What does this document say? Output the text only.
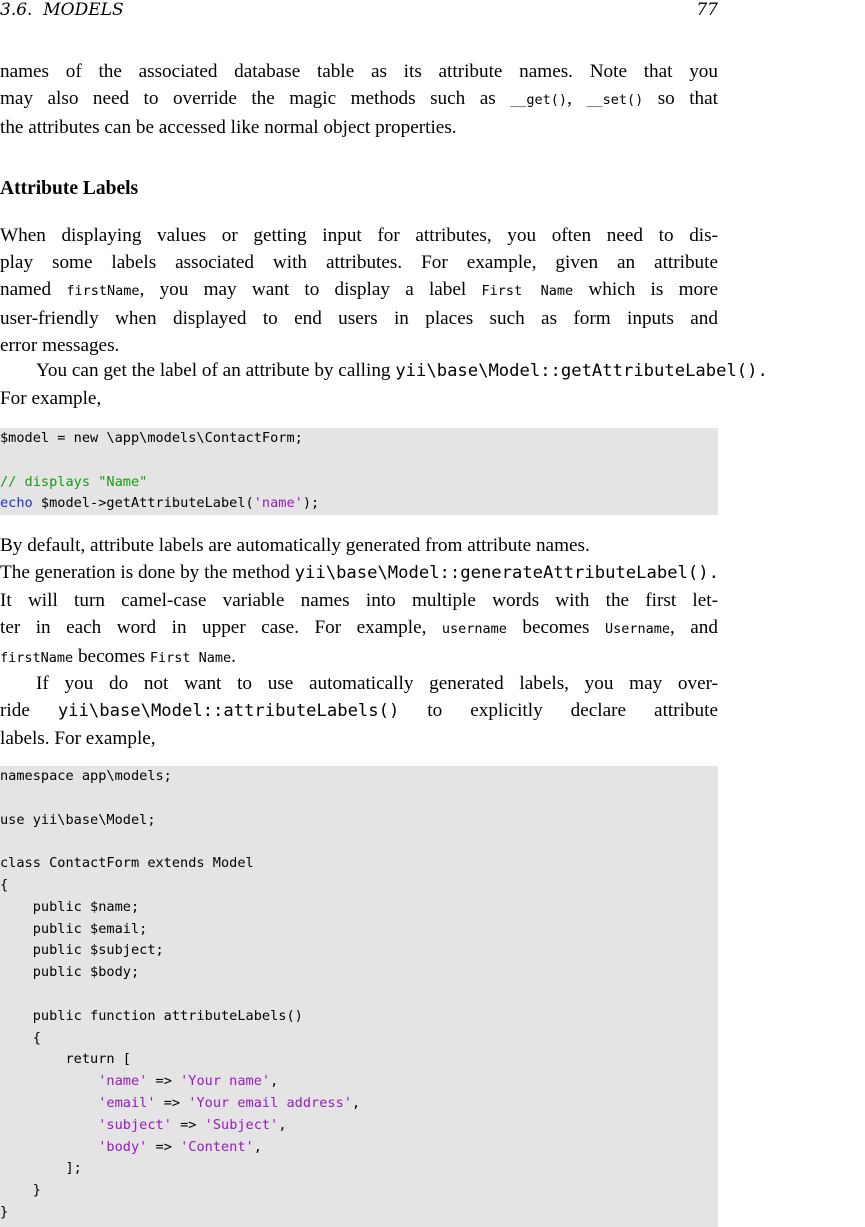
3.6. MODELS	77
names of the associated database table as its attribute names. Note that you
may also need to override the magic methods such as __get(), __set() so that
the attributes can be accessed like normal object properties.
Attribute Labels
When displaying values or getting input for attributes, you often need to dis-
play some labels associated with attributes. For example, given an attribute
named firstName, you may want to display a label First Name which is more
user-friendly when displayed to end users in places such as form inputs and
error messages.
You can get the label of an attribute by calling yii\base\Model::getAttributeLabel().
For example,
$model = new \app\models\ContactForm;
// displays "Name"
echo $model->getAttributeLabel('name');
By default, attribute labels are automatically generated from attribute names.
The generation is done by the method yii\base\Model::generateAttributeLabel().
It will turn camel-case variable names into multiple words with the first let-
ter in each word in upper case. For example, username becomes Username, and
firstName becomes First Name.
If you do not want to use automatically generated labels, you may over-
ride yii\base\Model::attributeLabels() to explicitly declare attribute
labels. For example,
namespace app\models;
use yii\base\Model;
class ContactForm extends Model
{
public $name;
public $email;
public $subject;
public $body;
public function attributeLabels()
{
return [
'name' => 'Your name',
'email' => 'Your email address',
'subject' => 'Subject',
'body' => 'Content',
];
}
}
